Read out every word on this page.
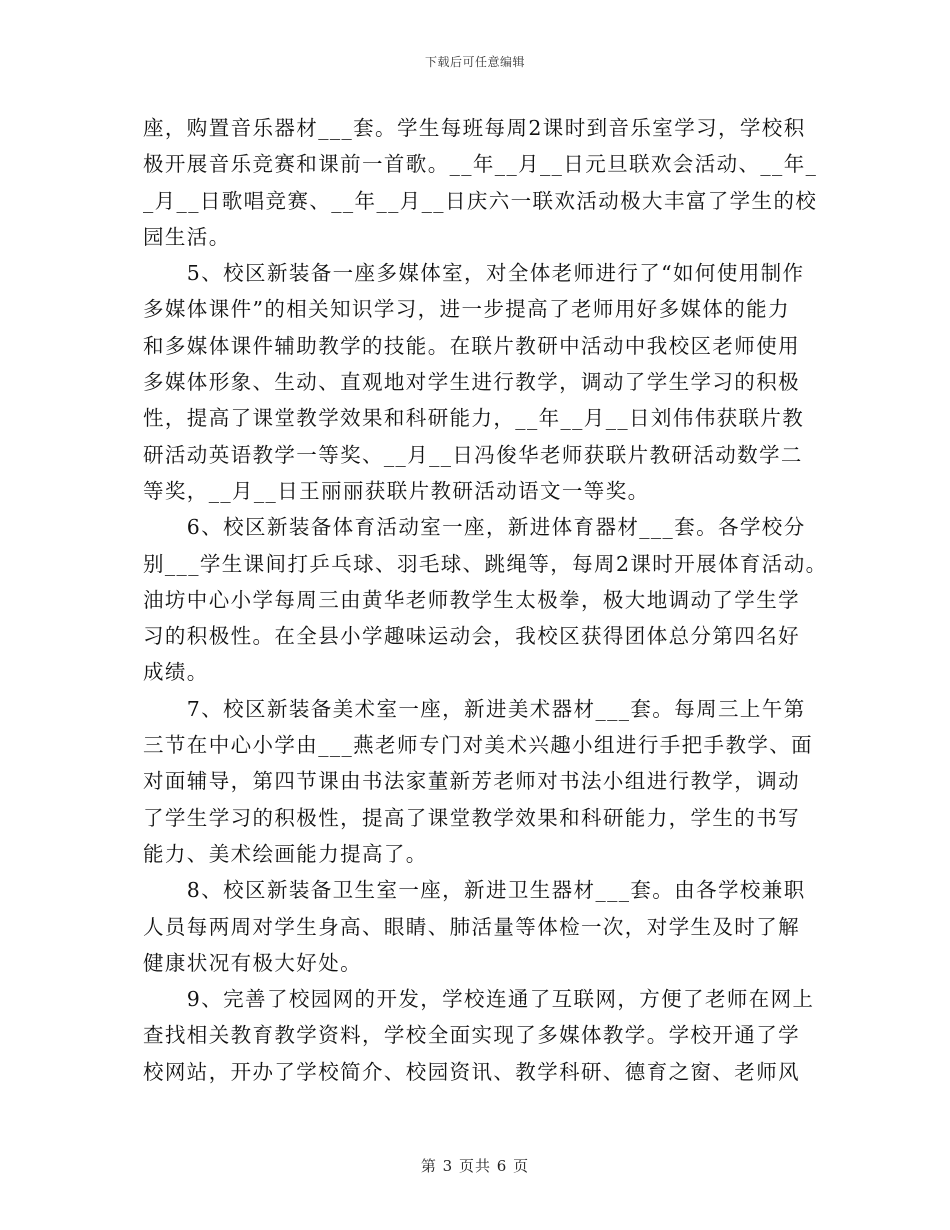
下载后可任意编辑
座，购置音乐器材___套。学生每班每周2课时到音乐室学习，学校积
极开展音乐竞赛和课前一首歌。__年__月__日元旦联欢会活动、__年_
_月__日歌唱竞赛、__年__月__日庆六一联欢活动极大丰富了学生的校
园生活。
　　5、校区新装备一座多媒体室，对全体老师进行了“如何使用制作
多媒体课件”的相关知识学习，进一步提高了老师用好多媒体的能力
和多媒体课件辅助教学的技能。在联片教研中活动中我校区老师使用
多媒体形象、生动、直观地对学生进行教学，调动了学生学习的积极
性，提高了课堂教学效果和科研能力，__年__月__日刘伟伟获联片教
研活动英语教学一等奖、__月__日冯俊华老师获联片教研活动数学二
等奖，__月__日王丽丽获联片教研活动语文一等奖。
　　6、校区新装备体育活动室一座，新进体育器材___套。各学校分
别___学生课间打乒乓球、羽毛球、跳绳等，每周2课时开展体育活动。
油坊中心小学每周三由黄华老师教学生太极拳，极大地调动了学生学
习的积极性。在全县小学趣味运动会，我校区获得团体总分第四名好
成绩。
　　7、校区新装备美术室一座，新进美术器材___套。每周三上午第
三节在中心小学由___燕老师专门对美术兴趣小组进行手把手教学、面
对面辅导，第四节课由书法家董新芳老师对书法小组进行教学，调动
了学生学习的积极性，提高了课堂教学效果和科研能力，学生的书写
能力、美术绘画能力提高了。
　　8、校区新装备卫生室一座，新进卫生器材___套。由各学校兼职
人员每两周对学生身高、眼睛、肺活量等体检一次，对学生及时了解
健康状况有极大好处。
　　9、完善了校园网的开发，学校连通了互联网，方便了老师在网上
查找相关教育教学资料，学校全面实现了多媒体教学。学校开通了学
校网站，开办了学校简介、校园资讯、教学科研、德育之窗、老师风
第 3 页共 6 页
